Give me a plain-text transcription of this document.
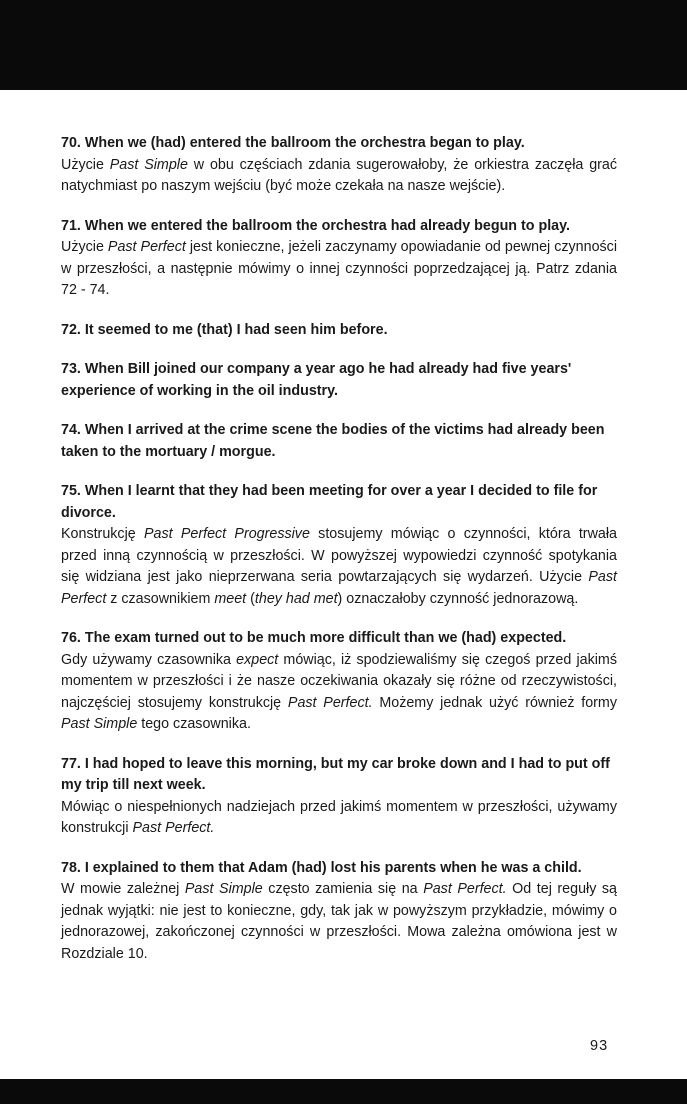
70. When we (had) entered the ballroom the orchestra began to play.

Użycie Past Simple w obu częściach zdania sugerowałoby, że orkiestra zaczęła grać natychmiast po naszym wejściu (być może czekała na nasze wejście).

71. When we entered the ballroom the orchestra had already begun to play.

Użycie Past Perfect jest konieczne, jeżeli zaczynamy opowiadanie od pewnej czynności w przeszłości, a następnie mówimy o innej czynności poprzedzającej ją. Patrz zdania 72 - 74.

72. It seemed to me (that) I had seen him before.

73. When Bill joined our company a year ago he had already had five years' experience of working in the oil industry.

74. When I arrived at the crime scene the bodies of the victims had already been taken to the mortuary / morgue.

75. When I learnt that they had been meeting for over a year I decided to file for divorce.

Konstrukcję Past Perfect Progressive stosujemy mówiąc o czynności, która trwała przed inną czynnością w przeszłości. W powyższej wypowiedzi czynność spotykania się widziana jest jako nieprzerwana seria powtarzających się wydarzeń. Użycie Past Perfect z czasownikiem meet (they had met) oznaczałoby czynność jednorazową.

76. The exam turned out to be much more difficult than we (had) expected.

Gdy używamy czasownika expect mówiąc, iż spodziewaliśmy się czegoś przed jakimś momentem w przeszłości i że nasze oczekiwania okazały się różne od rzeczywistości, najczęściej stosujemy konstrukcję Past Perfect. Możemy jednak użyć również formy Past Simple tego czasownika.

77. I had hoped to leave this morning, but my car broke down and I had to put off my trip till next week.

Mówiąc o niespełnionych nadziejach przed jakimś momentem w przeszłości, używamy konstrukcji Past Perfect.

78. I explained to them that Adam (had) lost his parents when he was a child.

W mowie zależnej Past Simple często zamienia się na Past Perfect. Od tej reguły są jednak wyjątki: nie jest to konieczne, gdy, tak jak w powyższym przykładzie, mówimy o jednorazowej, zakończonej czynności w przeszłości. Mowa zależna omówiona jest w Rozdziale 10.

93
